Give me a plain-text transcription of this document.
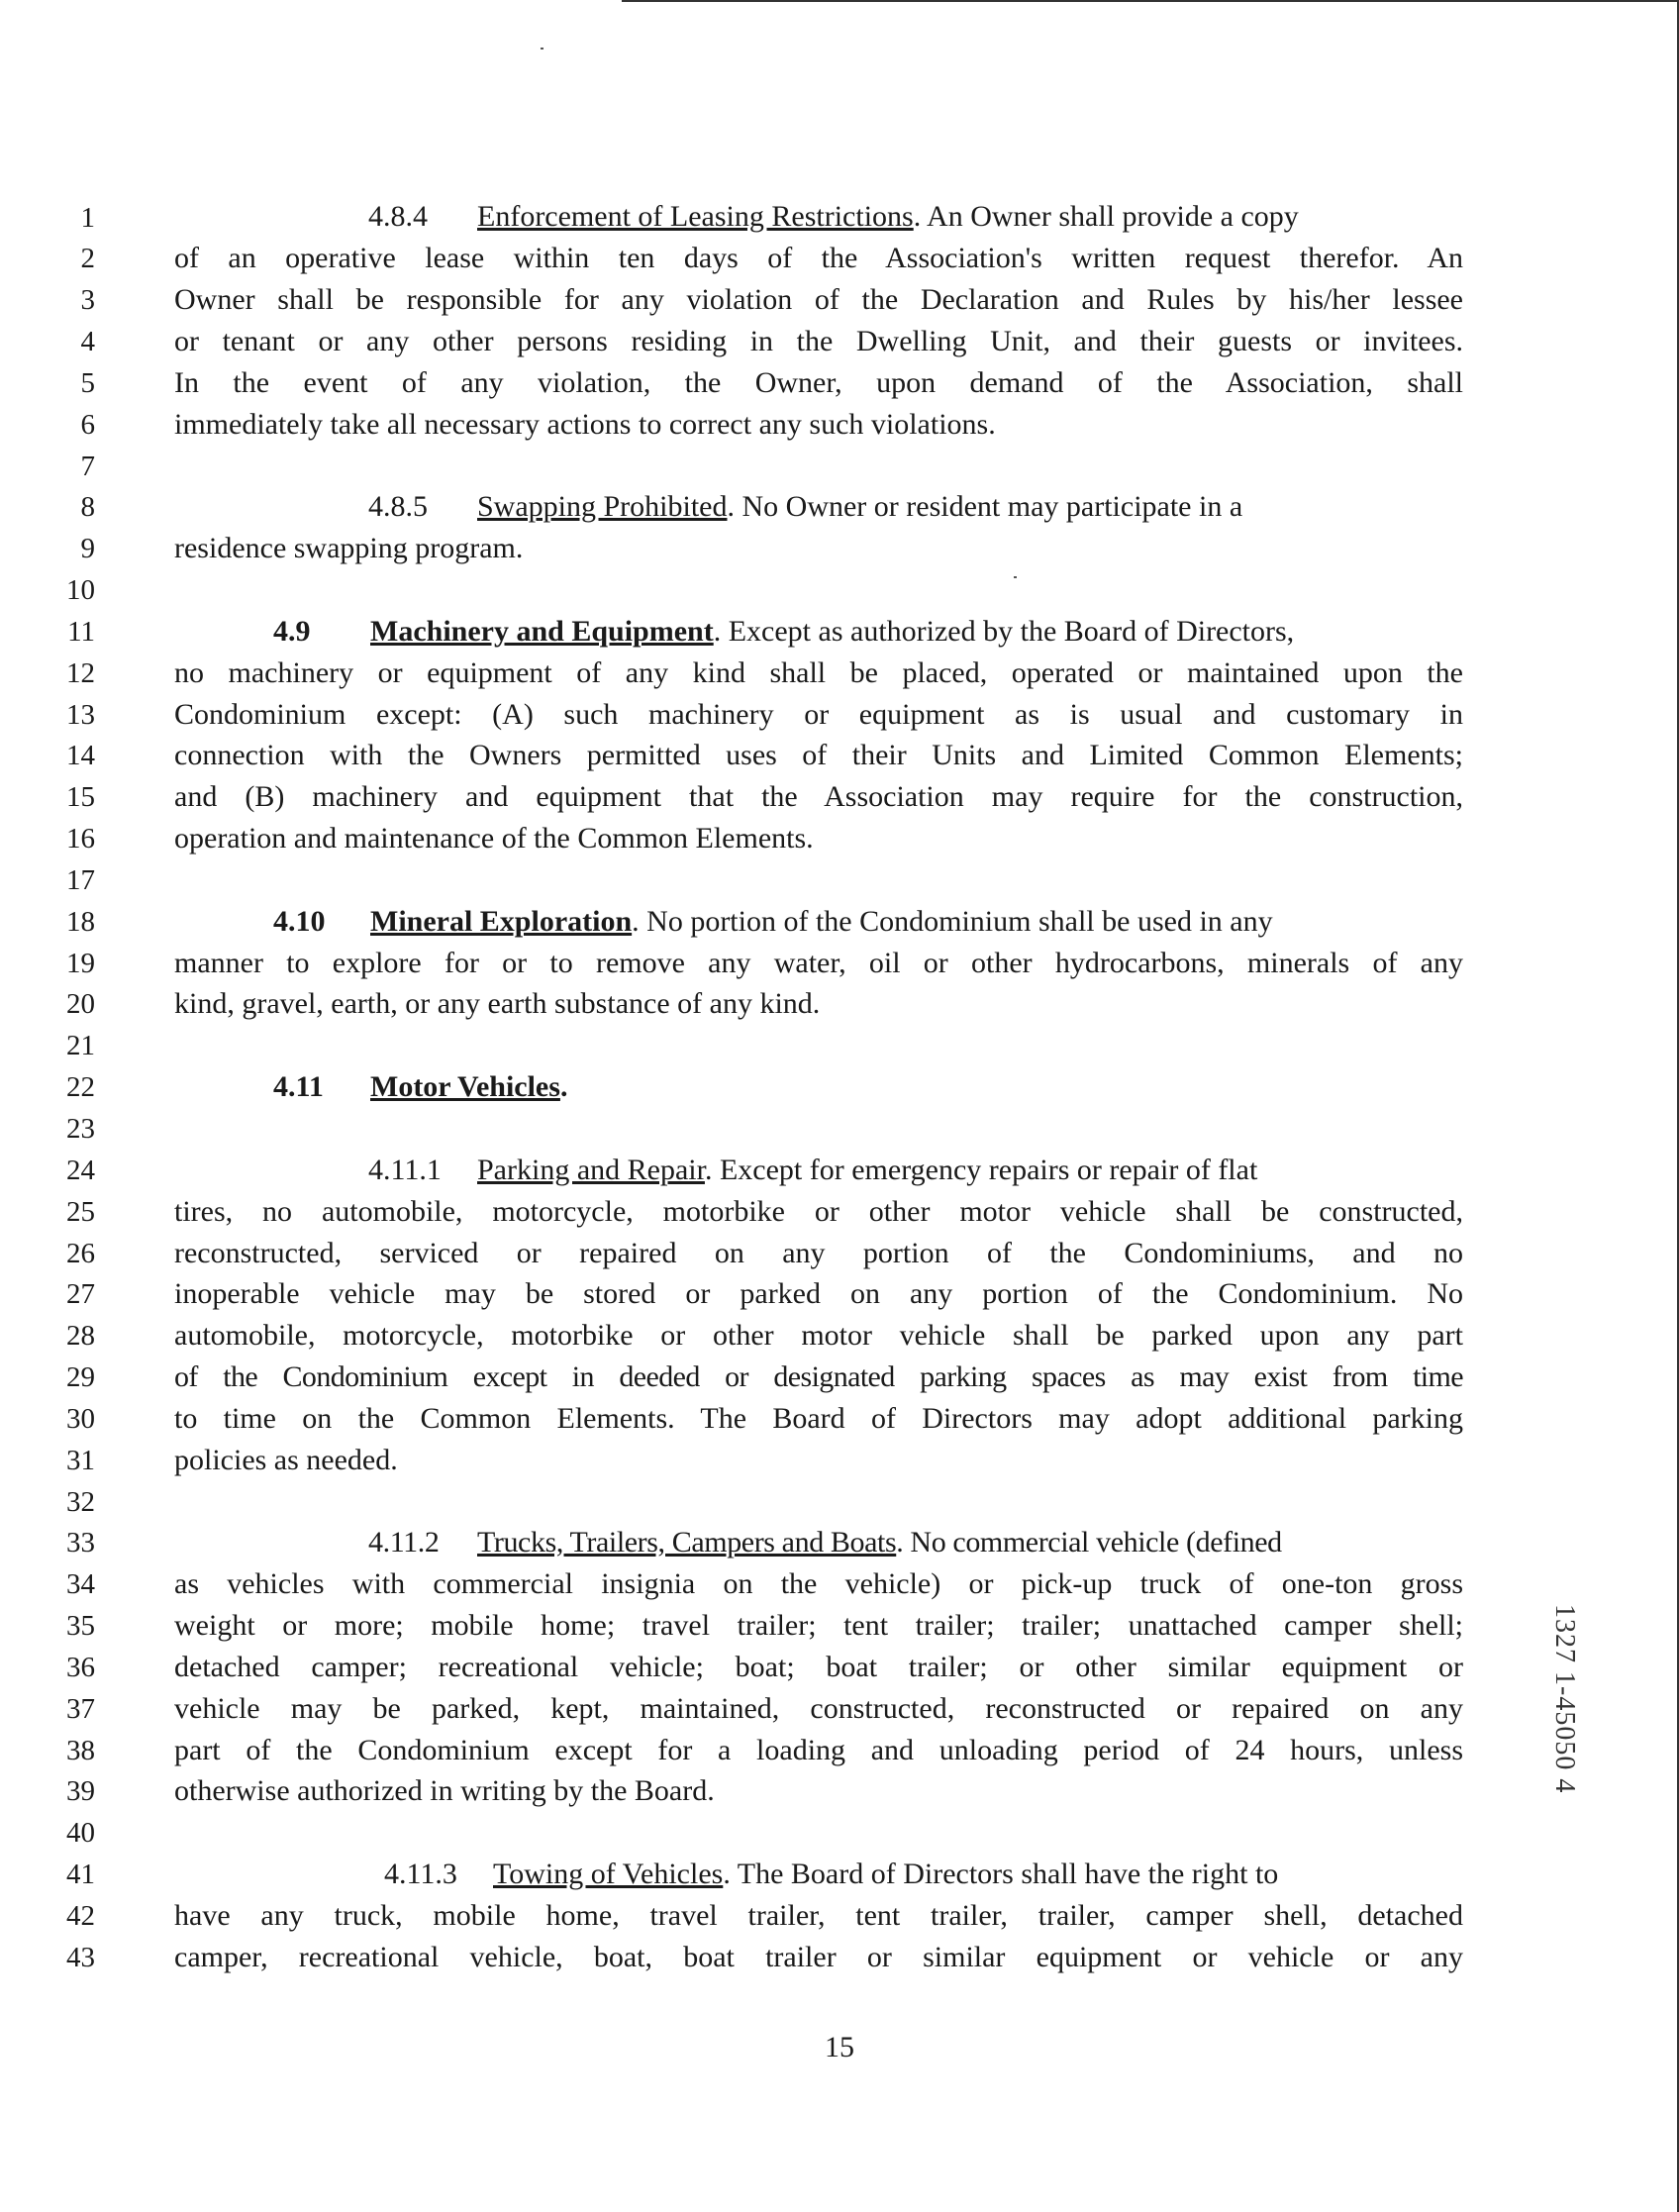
1
2
3
4
5
6
7
8
9
10
11
12
13
14
15
16
17
18
19
20
21
22
23
24
25
26
27
28
29
30
31
32
33
34
35
36
37
38
39
40
41
42
43
4.8.4 Enforcement of Leasing Restrictions. An Owner shall provide a copy
of an operative lease within ten days of the Association's written request therefor. An
Owner shall be responsible for any violation of the Declaration and Rules by his/her lessee
or tenant or any other persons residing in the Dwelling Unit, and their guests or invitees.
In the event of any violation, the Owner, upon demand of the Association, shall
immediately take all necessary actions to correct any such violations.
4.8.5 Swapping Prohibited. No Owner or resident may participate in a
residence swapping program.
4.9 Machinery and Equipment. Except as authorized by the Board of Directors,
no machinery or equipment of any kind shall be placed, operated or maintained upon the
Condominium except: (A) such machinery or equipment as is usual and customary in
connection with the Owners permitted uses of their Units and Limited Common Elements;
and (B) machinery and equipment that the Association may require for the construction,
operation and maintenance of the Common Elements.
4.10 Mineral Exploration. No portion of the Condominium shall be used in any
manner to explore for or to remove any water, oil or other hydrocarbons, minerals of any
kind, gravel, earth, or any earth substance of any kind.
4.11 Motor Vehicles.
4.11.1 Parking and Repair. Except for emergency repairs or repair of flat
tires, no automobile, motorcycle, motorbike or other motor vehicle shall be constructed,
reconstructed, serviced or repaired on any portion of the Condominiums, and no
inoperable vehicle may be stored or parked on any portion of the Condominium. No
automobile, motorcycle, motorbike or other motor vehicle shall be parked upon any part
of the Condominium except in deeded or designated parking spaces as may exist from time
to time on the Common Elements. The Board of Directors may adopt additional parking
policies as needed.
4.11.2 Trucks, Trailers, Campers and Boats. No commercial vehicle (defined
as vehicles with commercial insignia on the vehicle) or pick-up truck of one-ton gross
weight or more; mobile home; travel trailer; tent trailer; trailer; unattached camper shell;
detached camper; recreational vehicle; boat; boat trailer; or other similar equipment or
vehicle may be parked, kept, maintained, constructed, reconstructed or repaired on any
part of the Condominium except for a loading and unloading period of 24 hours, unless
otherwise authorized in writing by the Board.
4.11.3 Towing of Vehicles. The Board of Directors shall have the right to
have any truck, mobile home, travel trailer, tent trailer, trailer, camper shell, detached
camper, recreational vehicle, boat, boat trailer or similar equipment or vehicle or any
15
1327 1-45050 4
